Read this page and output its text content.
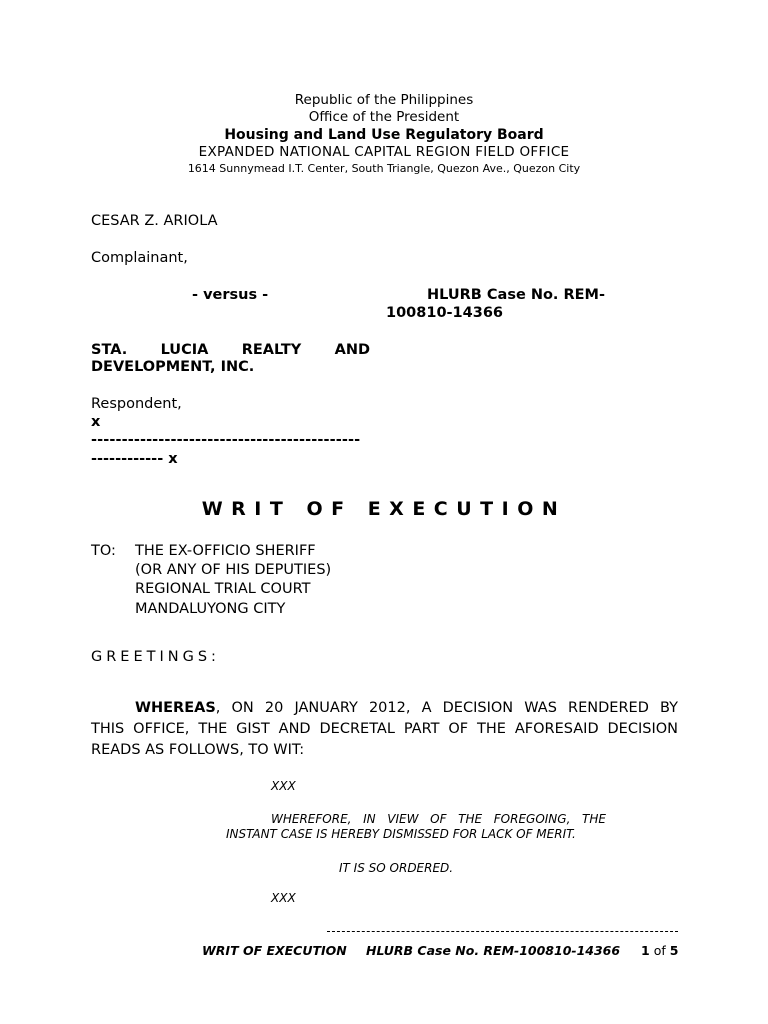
Republic of the Philippines
Office of the President
Housing and Land Use Regulatory Board
EXPANDED NATIONAL CAPITAL REGION FIELD OFFICE
1614 Sunnymead I.T. Center, South Triangle, Quezon Ave., Quezon City
CESAR Z. ARIOLA
Complainant,
- versus -	HLURB Case No. REM-
100810-14366
STA. LUCIA REALTY AND
DEVELOPMENT, INC.
Respondent,
x
--------------------------------------------
------------ x
WRIT OF EXECUTION
TO: THE EX-OFFICIO SHERIFF
(OR ANY OF HIS DEPUTIES)
REGIONAL TRIAL COURT
MANDALUYONG CITY
GREETINGS:
WHEREAS, ON 20 JANUARY 2012, A DECISION WAS RENDERED BY
THIS OFFICE, THE GIST AND DECRETAL PART OF THE AFORESAID DECISION
READS AS FOLLOWS, TO WIT:
XXX
WHEREFORE, IN VIEW OF THE FOREGOING, THE
INSTANT CASE IS HEREBY DISMISSED FOR LACK OF MERIT.
IT IS SO ORDERED.
XXX
WRIT OF EXECUTION HLURB Case No. REM-100810-14366 1 of 5
